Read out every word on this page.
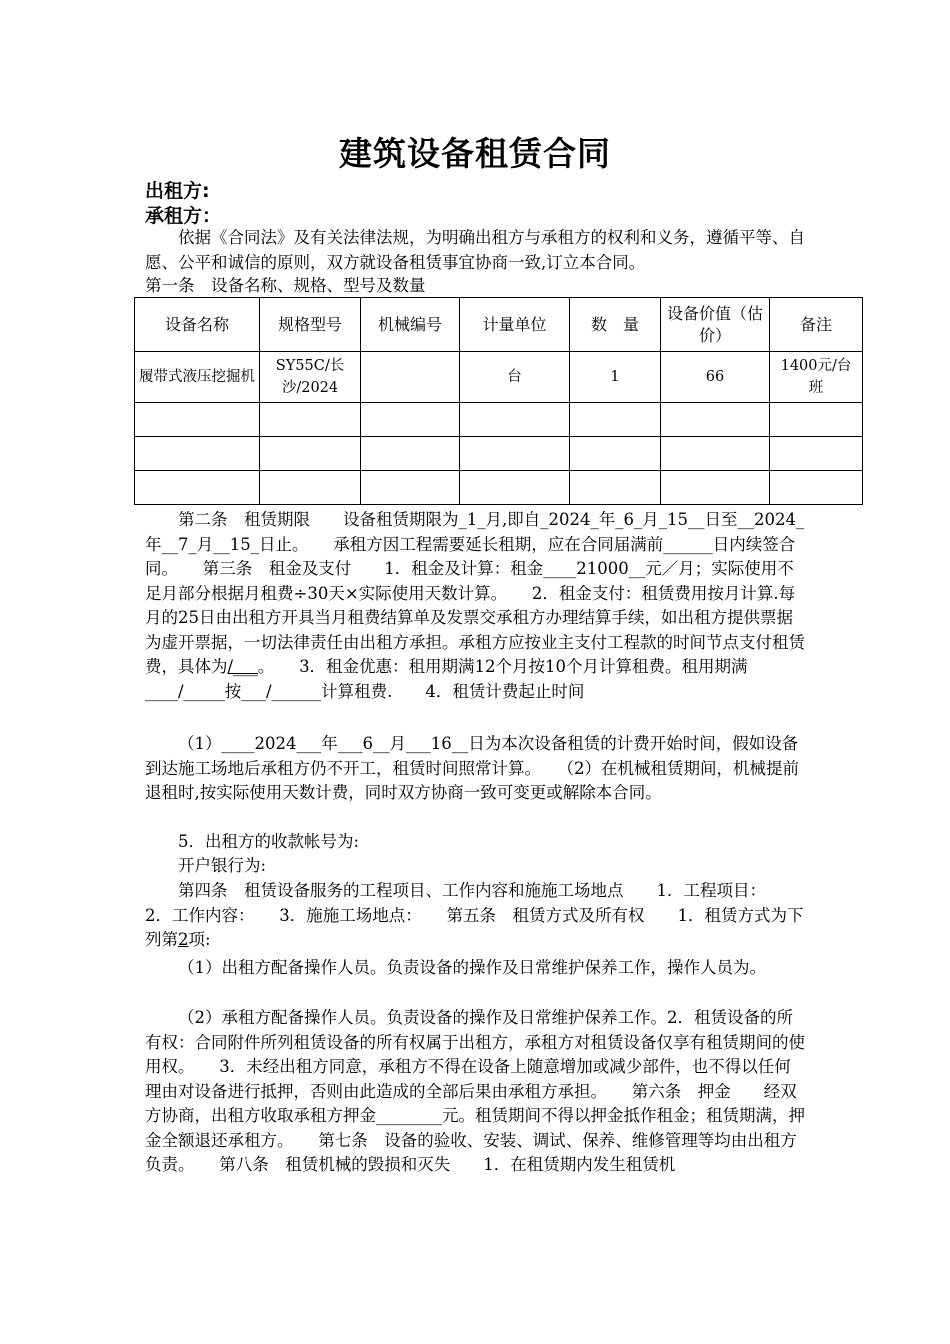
建筑设备租赁合同
出租方:
承租方：
依据《合同法》及有关法律法规，为明确出租方与承租方的权利和义务，遵循平等、自愿、公平和诚信的原则，双方就设备租赁事宜协商一致,订立本合同。
第一条　设备名称、规格、型号及数量
设备名称	规格型号	机械编号	计量单位	数　量	设备价值（估价）	备注
履带式液压挖掘机	SY55C/长沙/2024		台	1	66	1400元/台班

第二条　租赁期限　　设备租赁期限为_1_月,即自_2024_年_6_月_15__日至__2024_年__7_月__15_日止。　　承租方因工程需要延长租期，应在合同届满前______日内续签合同。　　第三条　租金及支付　　1．租金及计算：租金____21000__元／月；实际使用不足月部分根据月租费÷30天×实际使用天数计算。　　2．租金支付：租赁费用按月计算.每月的25日由出租方开具当月租费结算单及发票交承租方办理结算手续，如出租方提供票据为虚开票据，一切法律责任由出租方承担。承租方应按业主支付工程款的时间节点支付租赁费，具体为/___。　　3．租金优惠：租用期满12个月按10个月计算租费。租用期满____/_____按___/______计算租费.　　4．租赁计费起止时间
（1）____2024___年___6__月___16__日为本次设备租赁的计费开始时间，假如设备到达施工场地后承租方仍不开工，租赁时间照常计算。　　（2）在机械租赁期间，机械提前退租时,按实际使用天数计费，同时双方协商一致可变更或解除本合同。
5．出租方的收款帐号为:
开户银行为:
第四条　租赁设备服务的工程项目、工作内容和施施工场地点　　1．工程项目：　　2．工作内容：　　3．施施工场地点：　　第五条　租赁方式及所有权　　1．租赁方式为下列第2项:
（1）出租方配备操作人员。负责设备的操作及日常维护保养工作，操作人员为。
（2）承租方配备操作人员。负责设备的操作及日常维护保养工作。2．租赁设备的所有权：合同附件所列租赁设备的所有权属于出租方，承租方对租赁设备仅享有租赁期间的使用权。　　3．未经出租方同意，承租方不得在设备上随意增加或减少部件，也不得以任何理由对设备进行抵押，否则由此造成的全部后果由承租方承担。　　第六条　押金　　经双方协商，出租方收取承租方押金________元。租赁期间不得以押金抵作租金；租赁期满，押金全额退还承租方。　　第七条　设备的验收、安装、调试、保养、维修管理等均由出租方负责。　　第八条　租赁机械的毁损和灭失　　1．在租赁期内发生租赁机
